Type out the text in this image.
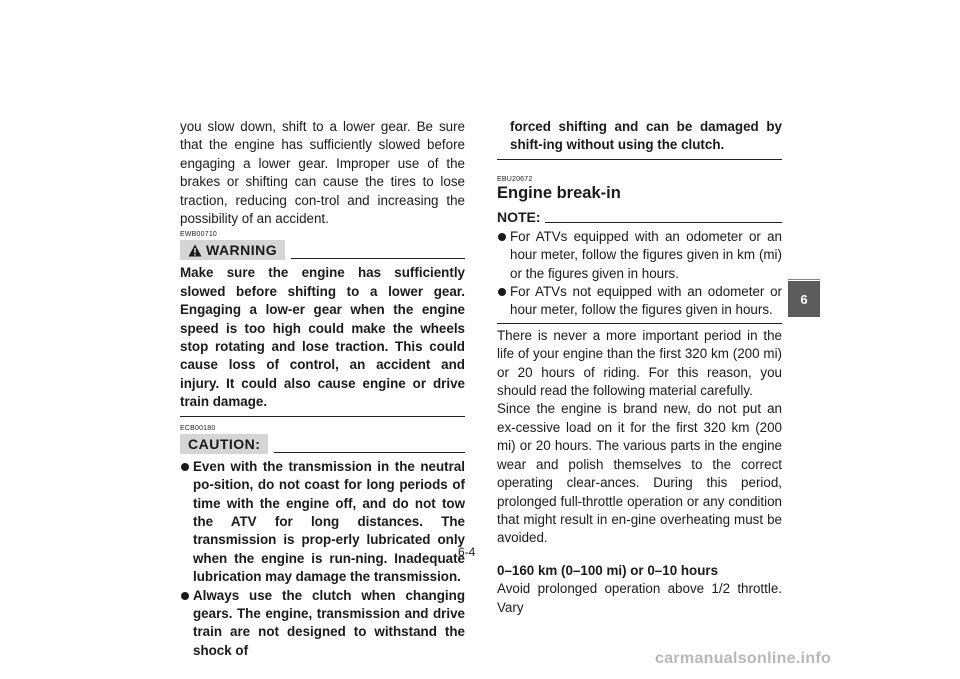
you slow down, shift to a lower gear. Be sure that the engine has sufficiently slowed before engaging a lower gear. Improper use of the brakes or shifting can cause the tires to lose traction, reducing con-trol and increasing the possibility of an accident.

EWB00710

WARNING

Make sure the engine has sufficiently slowed before shifting to a lower gear. Engaging a low-er gear when the engine speed is too high could make the wheels stop rotating and lose traction. This could cause loss of control, an accident and injury. It could also cause engine or drive train damage.

ECB00180

CAUTION:
Even with the transmission in the neutral po-sition, do not coast for long periods of time with the engine off, and do not tow the ATV for long distances. The transmission is prop-erly lubricated only when the engine is run-ning. Inadequate lubrication may damage the transmission.
Always use the clutch when changing gears. The engine, transmission and drive train are not designed to withstand the shock of

forced shifting and can be damaged by shift-ing without using the clutch.

EBU20672

Engine break-in
NOTE:
For ATVs equipped with an odometer or an hour meter, follow the figures given in km (mi) or the figures given in hours.
For ATVs not equipped with an odometer or hour meter, follow the figures given in hours.

There is never a more important period in the life of your engine than the first 320 km (200 mi) or 20 hours of riding. For this reason, you should read the following material carefully.

Since the engine is brand new, do not put an ex-cessive load on it for the first 320 km (200 mi) or 20 hours. The various parts in the engine wear and polish themselves to the correct operating clear-ances. During this period, prolonged full-throttle operation or any condition that might result in en-gine overheating must be avoided.

0–160 km (0–100 mi) or 0–10 hours

Avoid prolonged operation above 1/2 throttle. Vary

6
6-4
carmanualsonline.info
